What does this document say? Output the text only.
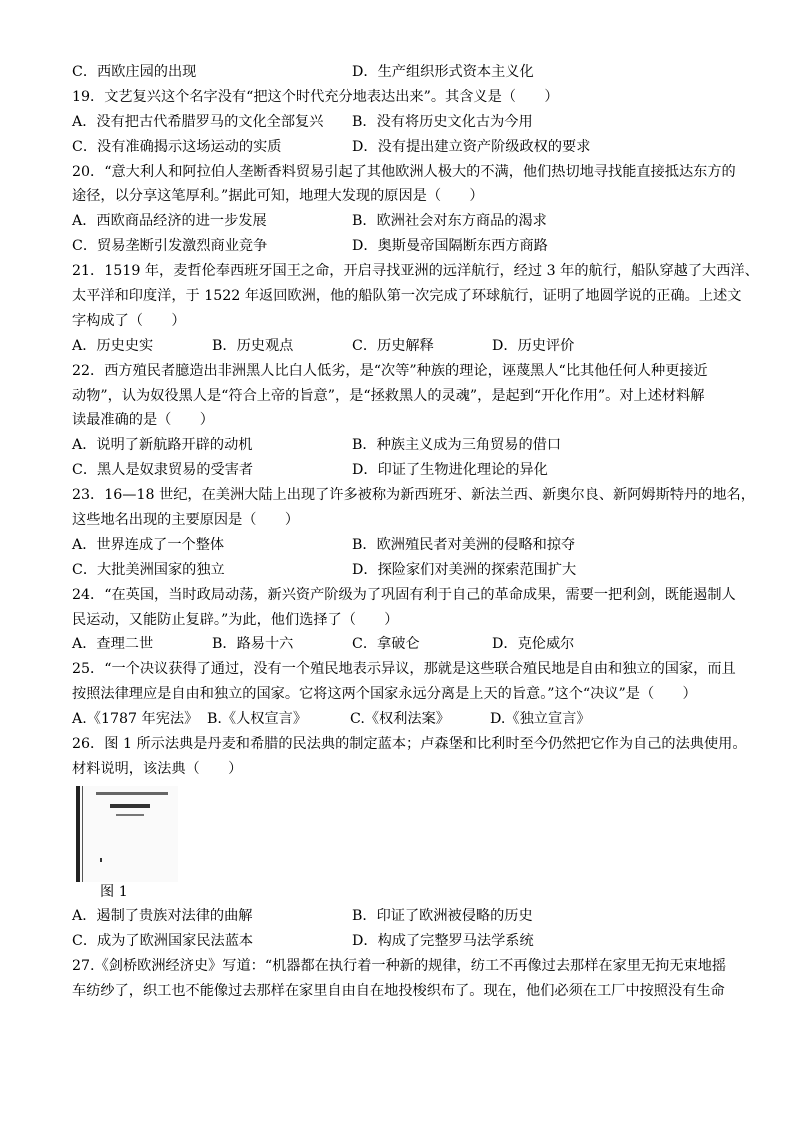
C．西欧庄园的出现	D．生产组织形式资本主义化
19．文艺复兴这个名字没有“把这个时代充分地表达出来”。其含义是（　　）
A．没有把古代希腊罗马的文化全部复兴 B．没有将历史文化古为今用
C．没有准确揭示这场运动的实质	D．没有提出建立资产阶级政权的要求
20．“意大利人和阿拉伯人垄断香料贸易引起了其他欧洲人极大的不满，他们热切地寻找能直接抵达东方的
途径，以分享这笔厚利。”据此可知，地理大发现的原因是（　　）
A．西欧商品经济的进一步发展	B．欧洲社会对东方商品的渴求
C．贸易垄断引发激烈商业竞争	D．奥斯曼帝国隔断东西方商路
21．1519 年，麦哲伦奉西班牙国王之命，开启寻找亚洲的远洋航行，经过 3 年的航行，船队穿越了大西洋、
太平洋和印度洋，于 1522 年返回欧洲，他的船队第一次完成了环球航行，证明了地圆学说的正确。上述文
字构成了（　　）
A．历史史实	B．历史观点	C．历史解释	D．历史评价
22．西方殖民者臆造出非洲黑人比白人低劣，是“次等”种族的理论，诬蔑黑人“比其他任何人种更接近
动物”，认为奴役黑人是“符合上帝的旨意”，是“拯救黑人的灵魂”，是起到“开化作用”。对上述材料解
读最准确的是（　　）
A．说明了新航路开辟的动机	B．种族主义成为三角贸易的借口
C．黑人是奴隶贸易的受害者	D．印证了生物进化理论的异化
23．16—18 世纪，在美洲大陆上出现了许多被称为新西班牙、新法兰西、新奥尔良、新阿姆斯特丹的地名，
这些地名出现的主要原因是（　　）
A．世界连成了一个整体	B．欧洲殖民者对美洲的侵略和掠夺
C．大批美洲国家的独立	D．探险家们对美洲的探索范围扩大
24．“在英国，当时政局动荡，新兴资产阶级为了巩固有利于自己的革命成果，需要一把利剑，既能遏制人
民运动，又能防止复辟。”为此，他们选择了（　　）
A．查理二世	B．路易十六	C．拿破仑	D．克伦威尔
25．“一个决议获得了通过，没有一个殖民地表示异议，那就是这些联合殖民地是自由和独立的国家，而且
按照法律理应是自由和独立的国家。它将这两个国家永远分离是上天的旨意。”这个“决议”是（　　）
A.《1787 年宪法》 B.《人权宣言》	C.《权利法案》	D.《独立宣言》
26．图 1 所示法典是丹麦和希腊的民法典的制定蓝本；卢森堡和比利时至今仍然把它作为自己的法典使用。
材料说明，该法典（　　）
图 1
A．遏制了贵族对法律的曲解	B．印证了欧洲被侵略的历史
C．成为了欧洲国家民法蓝本	D．构成了完整罗马法学系统
27.《剑桥欧洲经济史》写道：“机器都在执行着一种新的规律，纺工不再像过去那样在家里无拘无束地摇
车纺纱了，织工也不能像过去那样在家里自由自在地投梭织布了。现在，他们必须在工厂中按照没有生命
